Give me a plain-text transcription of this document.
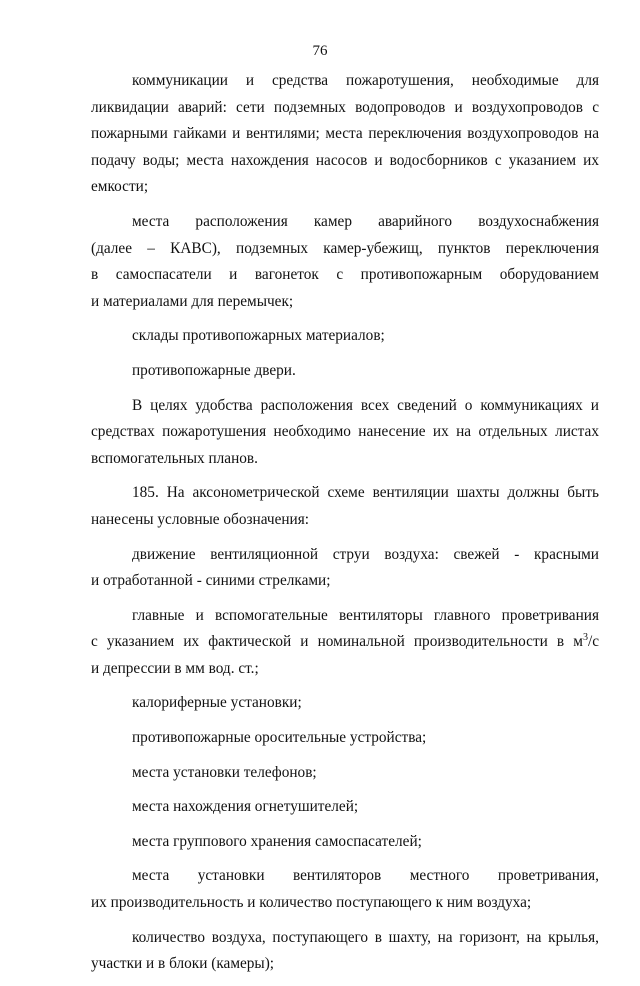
76
коммуникации и средства пожаротушения, необходимые для
ликвидации аварий: сети подземных водопроводов и воздухопроводов с пожарными гайками и вентилями; места переключения воздухопроводов на подачу воды; места нахождения насосов и водосборников с указанием их емкости;
места расположения камер аварийного воздухоснабжения
(далее – КАВС), подземных камер-убежищ, пунктов переключения
в самоспасатели и вагонеток с противопожарным оборудованием
и материалами для перемычек;
склады противопожарных материалов;
противопожарные двери.
В целях удобства расположения всех сведений о коммуникациях и средствах пожаротушения необходимо нанесение их на отдельных листах вспомогательных планов.
185. На аксонометрической схеме вентиляции шахты должны быть нанесены условные обозначения:
движение вентиляционной струи воздуха: свежей - красными
и отработанной - синими стрелками;
главные и вспомогательные вентиляторы главного проветривания
с указанием их фактической и номинальной производительности в $м^3/с$
и депрессии в мм вод. ст.;
калориферные установки;
противопожарные оросительные устройства;
места установки телефонов;
места нахождения огнетушителей;
места группового хранения самоспасателей;
места установки вентиляторов местного проветривания,
их производительность и количество поступающего к ним воздуха;
количество воздуха, поступающего в шахту, на горизонт, на крылья, участки и в блоки (камеры);
